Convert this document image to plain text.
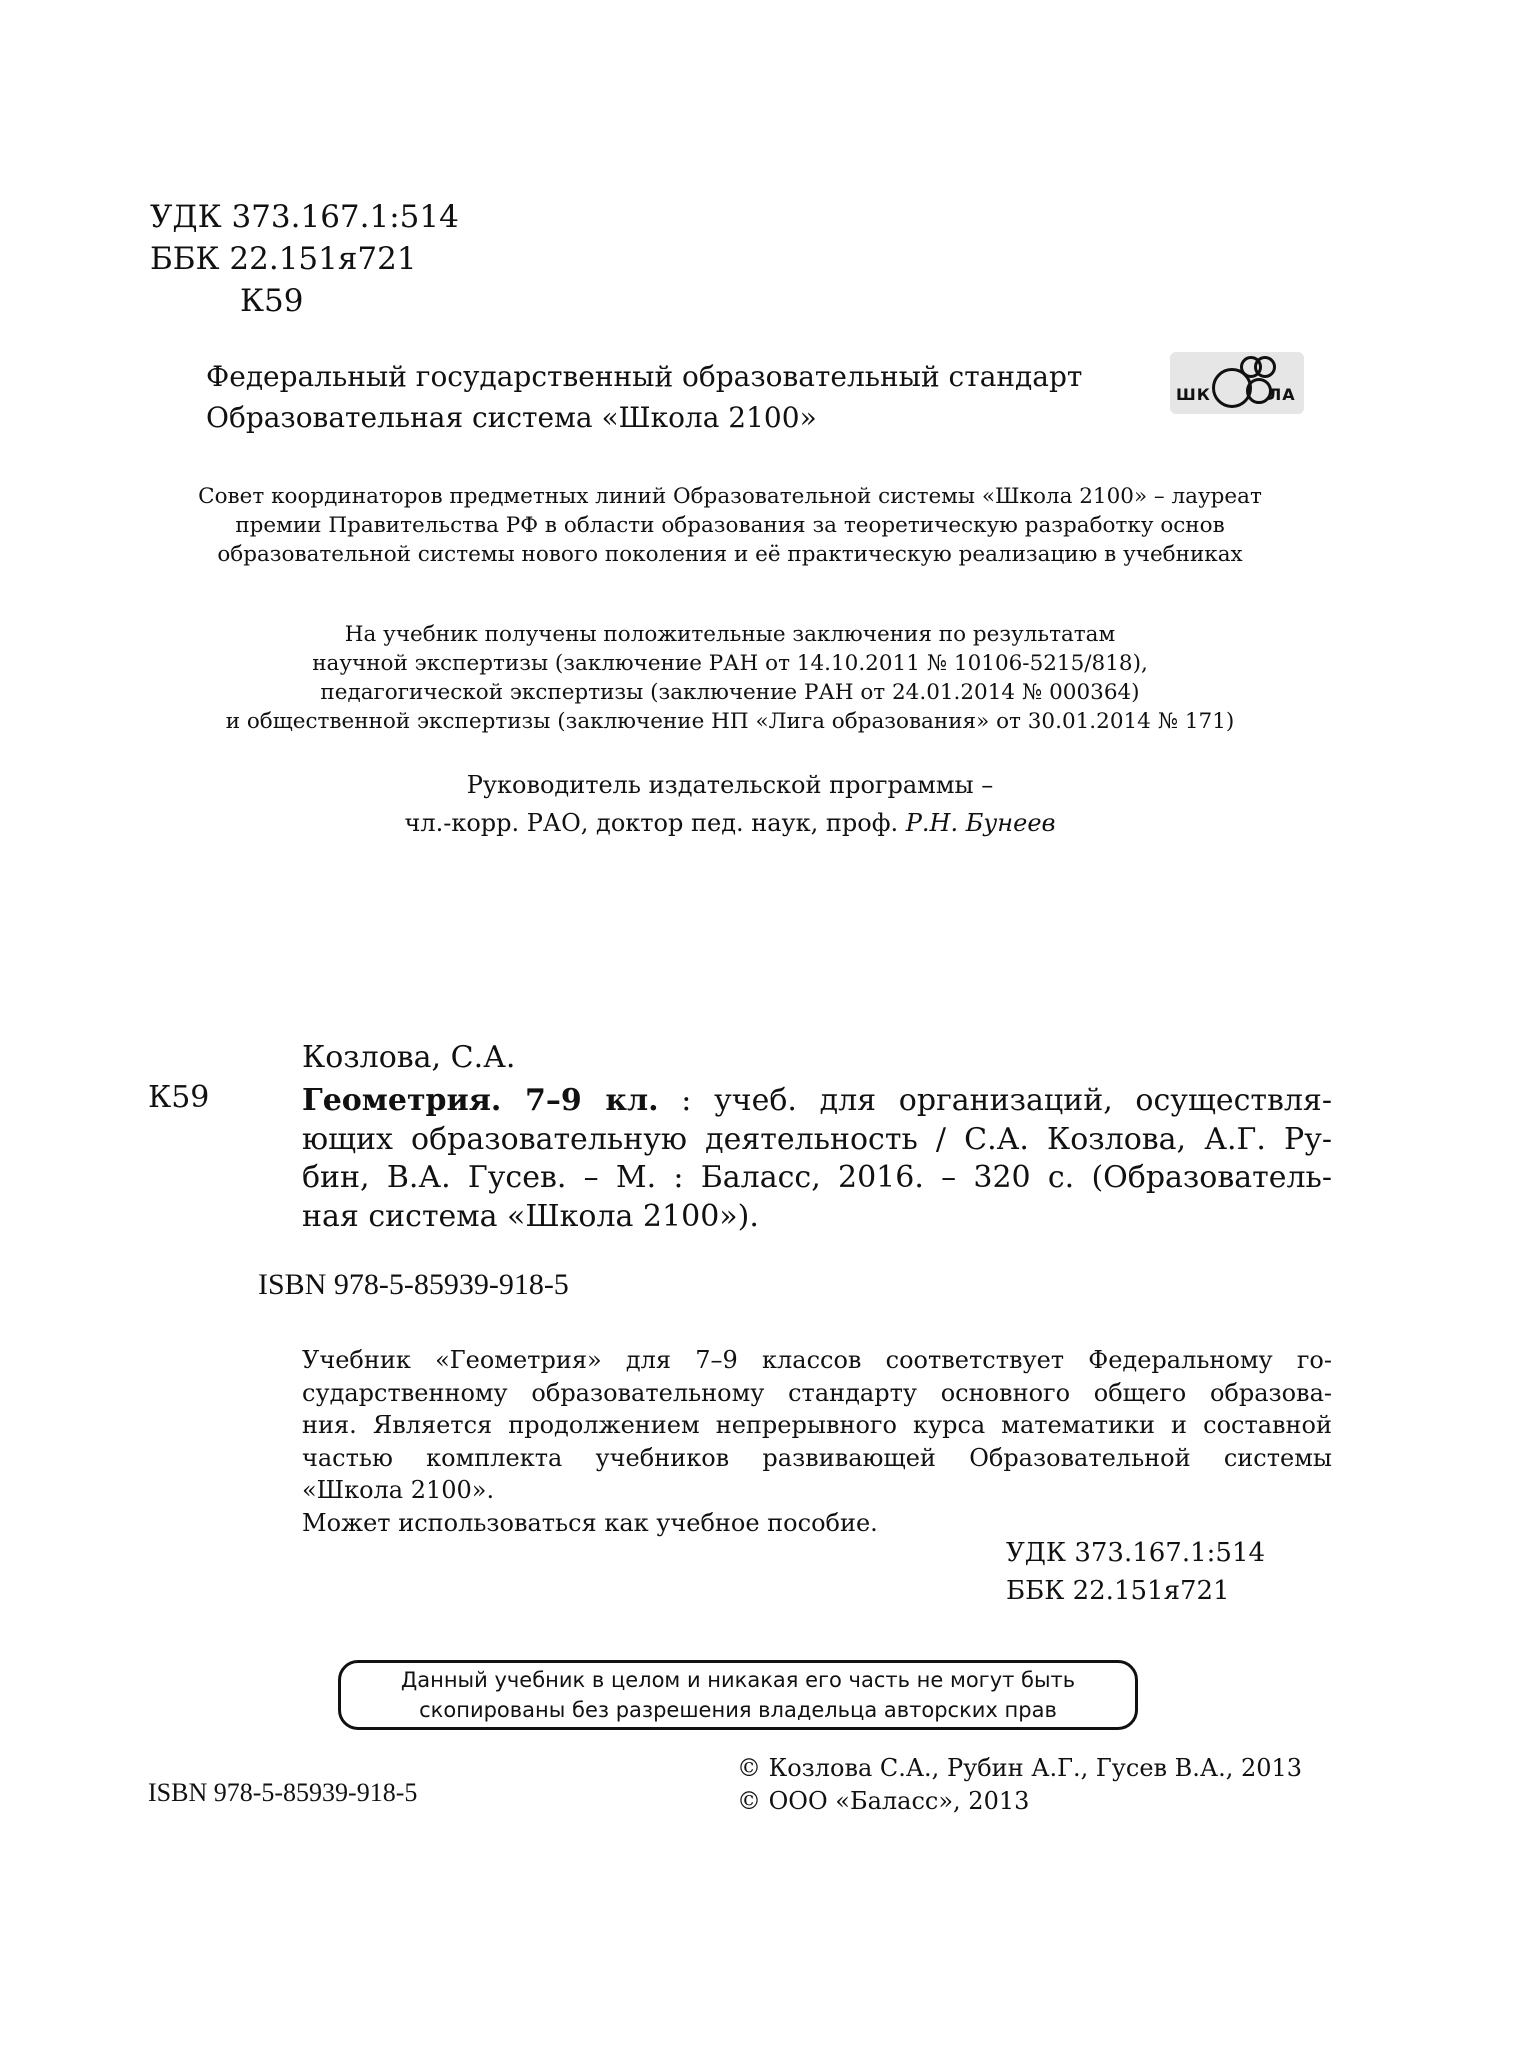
УДК 373.167.1:514
ББК 22.151я721
К59
Федеральный государственный образовательный стандарт
Образовательная система «Школа 2100»
ШК	ЛА
Совет координаторов предметных линий Образовательной системы «Школа 2100» – лауреат
премии Правительства РФ в области образования за теоретическую разработку основ
образовательной системы нового поколения и её практическую реализацию в учебниках
На учебник получены положительные заключения по результатам
научной экспертизы (заключение РАН от 14.10.2011 № 10106-5215/818),
педагогической экспертизы (заключение РАН от 24.01.2014 № 000364)
и общественной экспертизы (заключение НП «Лига образования» от 30.01.2014 № 171)
Руководитель издательской программы –
чл.-корр. РАО, доктор пед. наук, проф. Р.Н. Бунеев
К59
Козлова, С.А.
Геометрия. 7–9 кл. : учеб. для организаций, осуществля-
ющих образовательную деятельность / С.А. Козлова, А.Г. Ру-
бин, В.А. Гусев. – М. : Баласс, 2016. – 320 с. (Образователь-
ная система «Школа 2100»).
ISBN 978-5-85939-918-5
Учебник «Геометрия» для 7–9 классов соответствует Федеральному го-
сударственному образовательному стандарту основного общего образова-
ния. Является продолжением непрерывного курса математики и составной
частью комплекта учебников развивающей Образовательной системы
«Школа 2100».
Может использоваться как учебное пособие.
УДК 373.167.1:514
ББК 22.151я721
Данный учебник в целом и никакая его часть не могут быть
скопированы без разрешения владельца авторских прав
ISBN 978-5-85939-918-5
© Козлова С.А., Рубин А.Г., Гусев В.А., 2013
© ООО «Баласс», 2013
